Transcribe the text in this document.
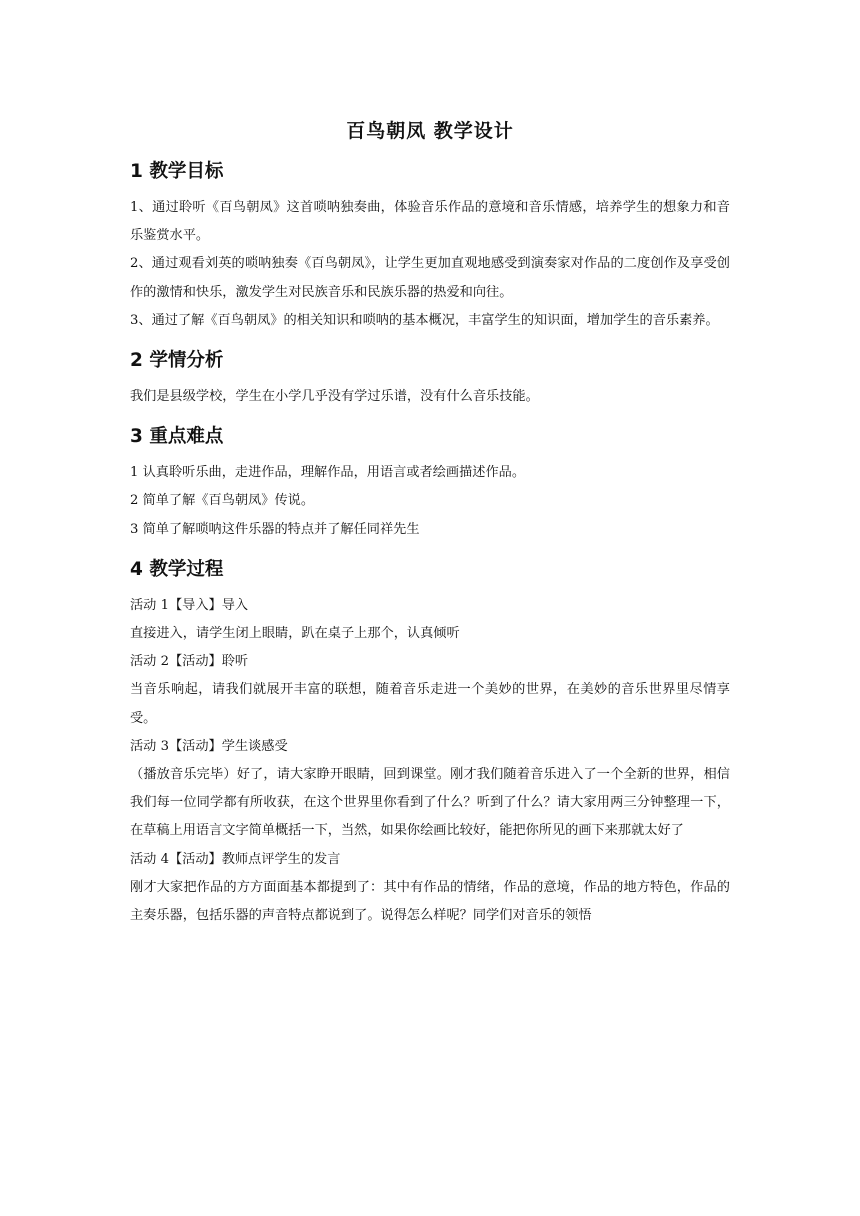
百鸟朝凤 教学设计
1 教学目标

1、通过聆听《百鸟朝凤》这首唢呐独奏曲，体验音乐作品的意境和音乐情感，培养学生的想象力和音乐鉴赏水平。

2、通过观看刘英的唢呐独奏《百鸟朝凤》，让学生更加直观地感受到演奏家对作品的二度创作及享受创作的激情和快乐，激发学生对民族音乐和民族乐器的热爱和向往。

3、通过了解《百鸟朝凤》的相关知识和唢呐的基本概况，丰富学生的知识面，增加学生的音乐素养。

2 学情分析

我们是县级学校，学生在小学几乎没有学过乐谱，没有什么音乐技能。

3 重点难点

1 认真聆听乐曲，走进作品，理解作品，用语言或者绘画描述作品。

2 简单了解《百鸟朝凤》传说。

3 简单了解唢呐这件乐器的特点并了解任同祥先生

4 教学过程

活动 1【导入】导入

直接进入，请学生闭上眼睛，趴在桌子上那个，认真倾听

活动 2【活动】聆听

当音乐响起，请我们就展开丰富的联想，随着音乐走进一个美妙的世界，在美妙的音乐世界里尽情享受。

活动 3【活动】学生谈感受

（播放音乐完毕）好了，请大家睁开眼睛，回到课堂。刚才我们随着音乐进入了一个全新的世界，相信我们每一位同学都有所收获，在这个世界里你看到了什么？听到了什么？请大家用两三分钟整理一下，在草稿上用语言文字简单概括一下，当然，如果你绘画比较好，能把你所见的画下来那就太好了

活动 4【活动】教师点评学生的发言

刚才大家把作品的方方面面基本都提到了：其中有作品的情绪，作品的意境，作品的地方特色，作品的主奏乐器，包括乐器的声音特点都说到了。说得怎么样呢？同学们对音乐的领悟
